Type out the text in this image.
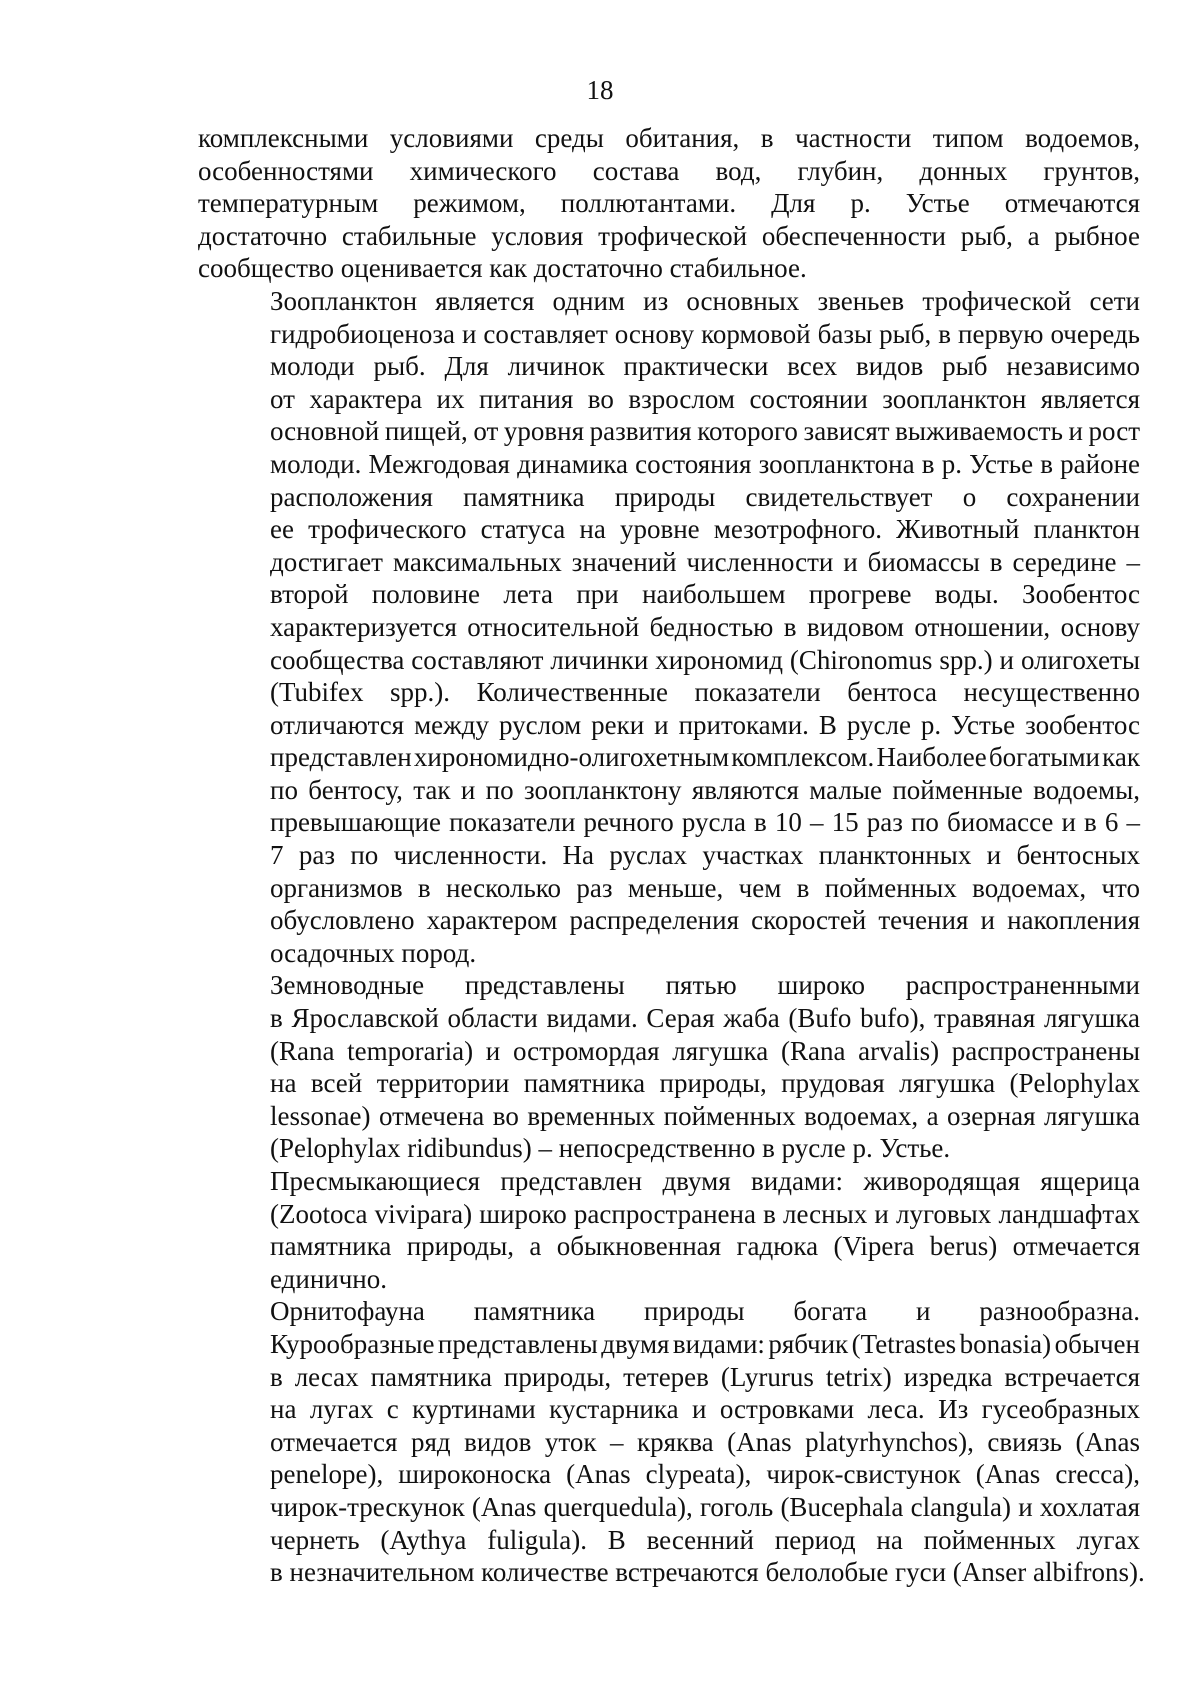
18

комплексными условиями среды обитания, в частности типом водоемов,
особенностями химического состава вод, глубин, донных грунтов,
температурным режимом, поллютантами. Для р. Устье отмечаются
достаточно стабильные условия трофической обеспеченности рыб, а рыбное
сообщество оценивается как достаточно стабильное.

Зоопланктон является одним из основных звеньев трофической сети
гидробиоценоза и составляет основу кормовой базы рыб, в первую очередь
молоди рыб. Для личинок практически всех видов рыб независимо
от характера их питания во взрослом состоянии зоопланктон является
основной пищей, от уровня развития которого зависят выживаемость и рост
молоди. Межгодовая динамика состояния зоопланктона в р. Устье в районе
расположения памятника природы свидетельствует о сохранении
ее трофического статуса на уровне мезотрофного. Животный планктон
достигает максимальных значений численности и биомассы в середине –
второй половине лета при наибольшем прогреве воды. Зообентос
характеризуется относительной бедностью в видовом отношении, основу
сообщества составляют личинки хирономид (Chironomus spp.) и олигохеты
(Tubifex spp.). Количественные показатели бентоса несущественно
отличаются между руслом реки и притоками. В русле р. Устье зообентос
представлен хирономидно-олигохетным комплексом. Наиболее богатыми как
по бентосу, так и по зоопланктону являются малые пойменные водоемы,
превышающие показатели речного русла в 10 – 15 раз по биомассе и в 6 –
7 раз по численности. На руслах участках планктонных и бентосных
организмов в несколько раз меньше, чем в пойменных водоемах, что
обусловлено характером распределения скоростей течения и накопления
осадочных пород.

Земноводные представлены пятью широко распространенными
в Ярославской области видами. Серая жаба (Bufo bufo), травяная лягушка
(Rana temporaria) и остромордая лягушка (Rana arvalis) распространены
на всей территории памятника природы, прудовая лягушка (Pelophylax
lessonae) отмечена во временных пойменных водоемах, а озерная лягушка
(Pelophylax ridibundus) – непосредственно в русле р. Устье.

Пресмыкающиеся представлен двумя видами: живородящая ящерица
(Zootoca vivipara) широко распространена в лесных и луговых ландшафтах
памятника природы, а обыкновенная гадюка (Vipera berus) отмечается
единично.

Орнитофауна памятника природы богата и разнообразна.
Курообразные представлены двумя видами: рябчик (Tetrastes bonasia) обычен
в лесах памятника природы, тетерев (Lyrurus tetrix) изредка встречается
на лугах с куртинами кустарника и островками леса. Из гусеобразных
отмечается ряд видов уток – кряква (Anas platyrhynchos), свиязь (Anas
penelope), широконоска (Anas clypeata), чирок-свистунок (Anas crecca),
чирок-трескунок (Anas querquedula), гоголь (Bucephala clangula) и хохлатая
чернеть (Aythya fuligula). В весенний период на пойменных лугах
в незначительном количестве встречаются белолобые гуси (Anser albifrons).
